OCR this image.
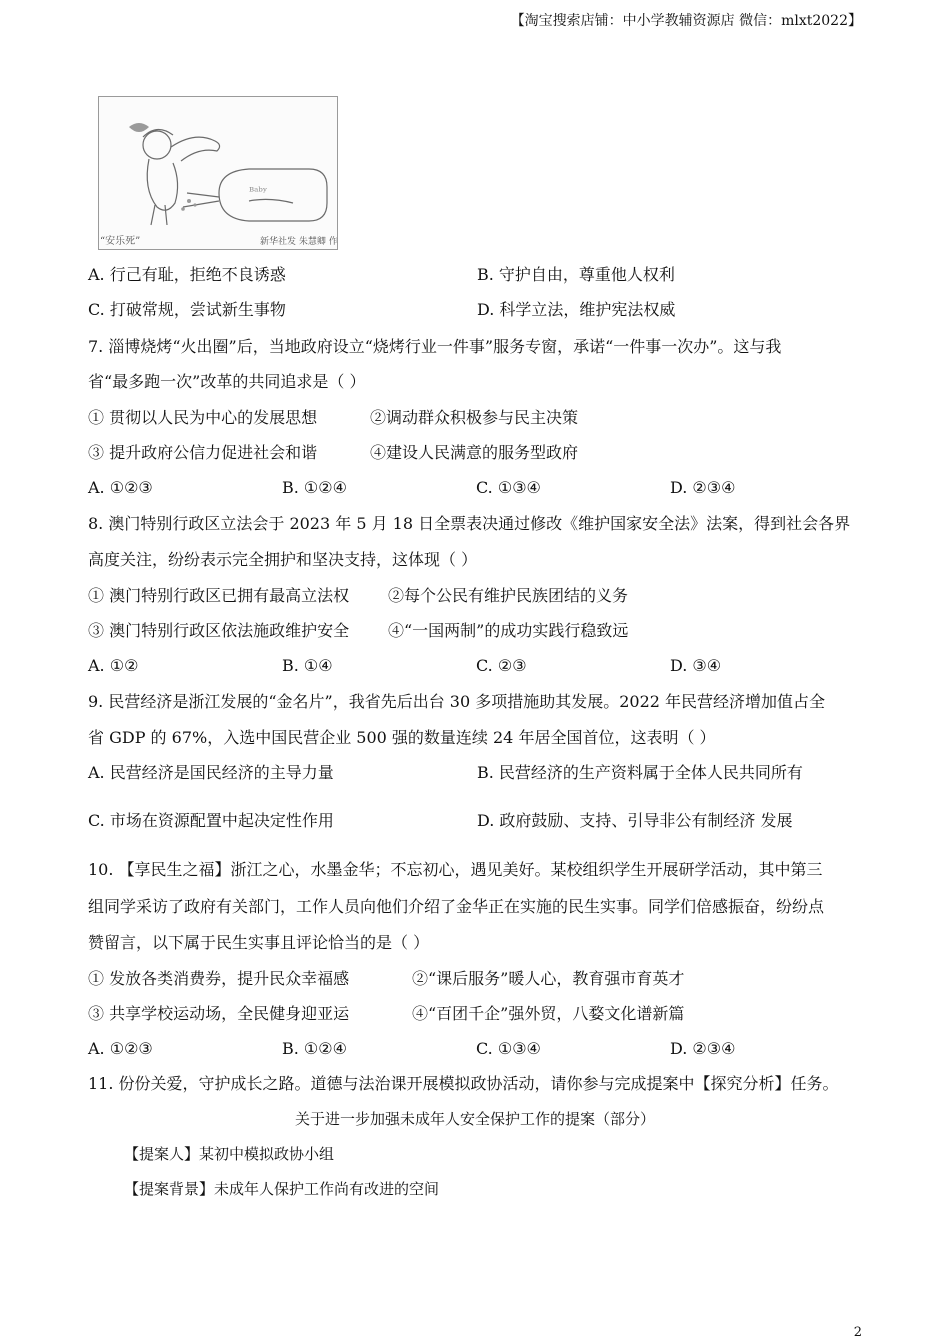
【淘宝搜索店铺：中小学教辅资源店 微信：mlxt2022】
ᴮᵃᵇʸ
“安乐死”	新华社发 朱慧卿 作
A. 行己有耻，拒绝不良诱惑	B. 守护自由，尊重他人权利
C. 打破常规，尝试新生事物	D. 科学立法，维护宪法权威
7. 淄博烧烤“火出圈”后，当地政府设立“烧烤行业一件事”服务专窗，承诺“一件事一次办”。这与我
省“最多跑一次”改革的共同追求是（ ）
① 贯彻以人民为中心的发展思想	②调动群众积极参与民主决策
③ 提升政府公信力促进社会和谐	④建设人民满意的服务型政府
A. ①②③	B. ①②④	C. ①③④	D. ②③④
8. 澳门特别行政区立法会于 2023 年 5 月 18 日全票表决通过修改《维护国家安全法》法案，得到社会各界
高度关注，纷纷表示完全拥护和坚决支持，这体现（ ）
① 澳门特别行政区已拥有最高立法权 ②每个公民有维护民族团结的义务
③ 澳门特别行政区依法施政维护安全 ④“一国两制”的成功实践行稳致远
A. ①②	B. ①④	C. ②③	D. ③④
9. 民营经济是浙江发展的“金名片”，我省先后出台 30 多项措施助其发展。2022 年民营经济增加值占全
省 GDP 的 67%，入选中国民营企业 500 强的数量连续 24 年居全国首位，这表明（ ）
A. 民营经济是国民经济的主导力量	B. 民营经济的生产资料属于全体人民共同所有
C. 市场在资源配置中起决定性作用	D. 政府鼓励、支持、引导非公有制经济 发展
10. 【享民生之福】浙江之心，水墨金华；不忘初心，遇见美好。某校组织学生开展研学活动，其中第三
组同学采访了政府有关部门，工作人员向他们介绍了金华正在实施的民生实事。同学们倍感振奋，纷纷点
赞留言，以下属于民生实事且评论恰当的是（ ）
① 发放各类消费券，提升民众幸福感	②“课后服务”暖人心，教育强市育英才
③ 共享学校运动场，全民健身迎亚运	④“百团千企”强外贸，八婺文化谱新篇
A. ①②③	B. ①②④	C. ①③④	D. ②③④
11. 份份关爱，守护成长之路。道德与法治课开展模拟政协活动，请你参与完成提案中【探究分析】任务。
关于进一步加强未成年人安全保护工作的提案（部分）
【提案人】某初中模拟政协小组
【提案背景】未成年人保护工作尚有改进的空间
2
